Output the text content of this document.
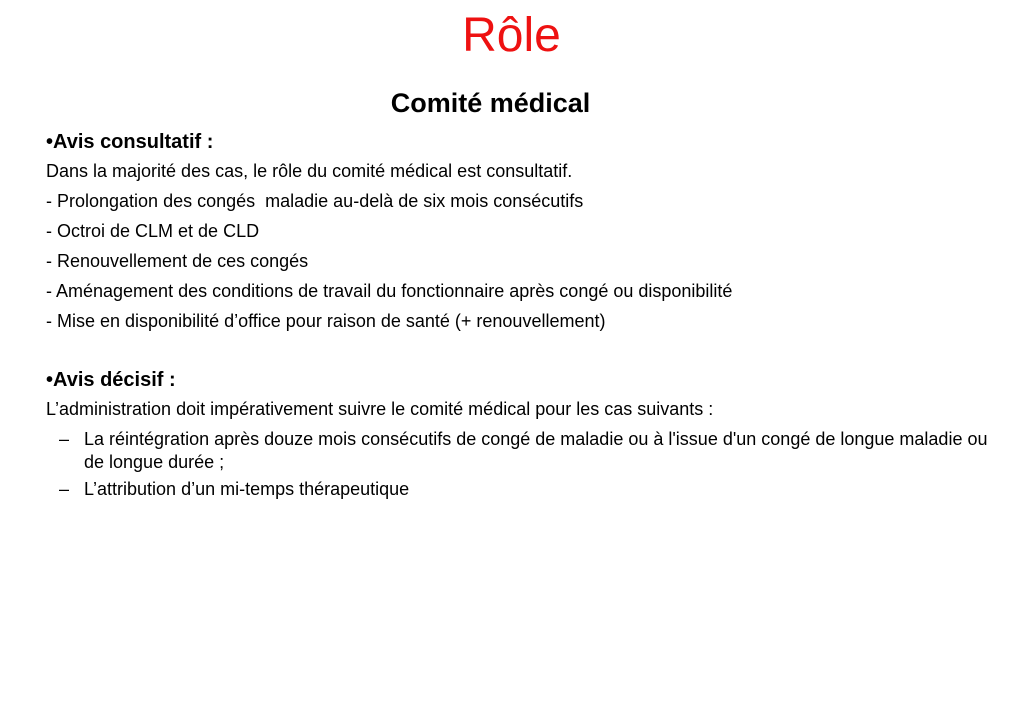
Rôle
Comité médical
•Avis consultatif :
Dans la majorité des cas, le rôle du comité médical est consultatif.
- Prolongation des congés  maladie au-delà de six mois consécutifs
- Octroi de CLM et de CLD
- Renouvellement de ces congés
- Aménagement des conditions de travail du fonctionnaire après congé ou disponibilité
- Mise en disponibilité d’office pour raison de santé (+ renouvellement)
•Avis décisif :
L’administration doit impérativement suivre le comité médical pour les cas suivants :
– La réintégration après douze mois consécutifs de congé de maladie ou à l'issue d'un congé de longue maladie ou de longue durée ;
– L’attribution d’un mi-temps thérapeutique
